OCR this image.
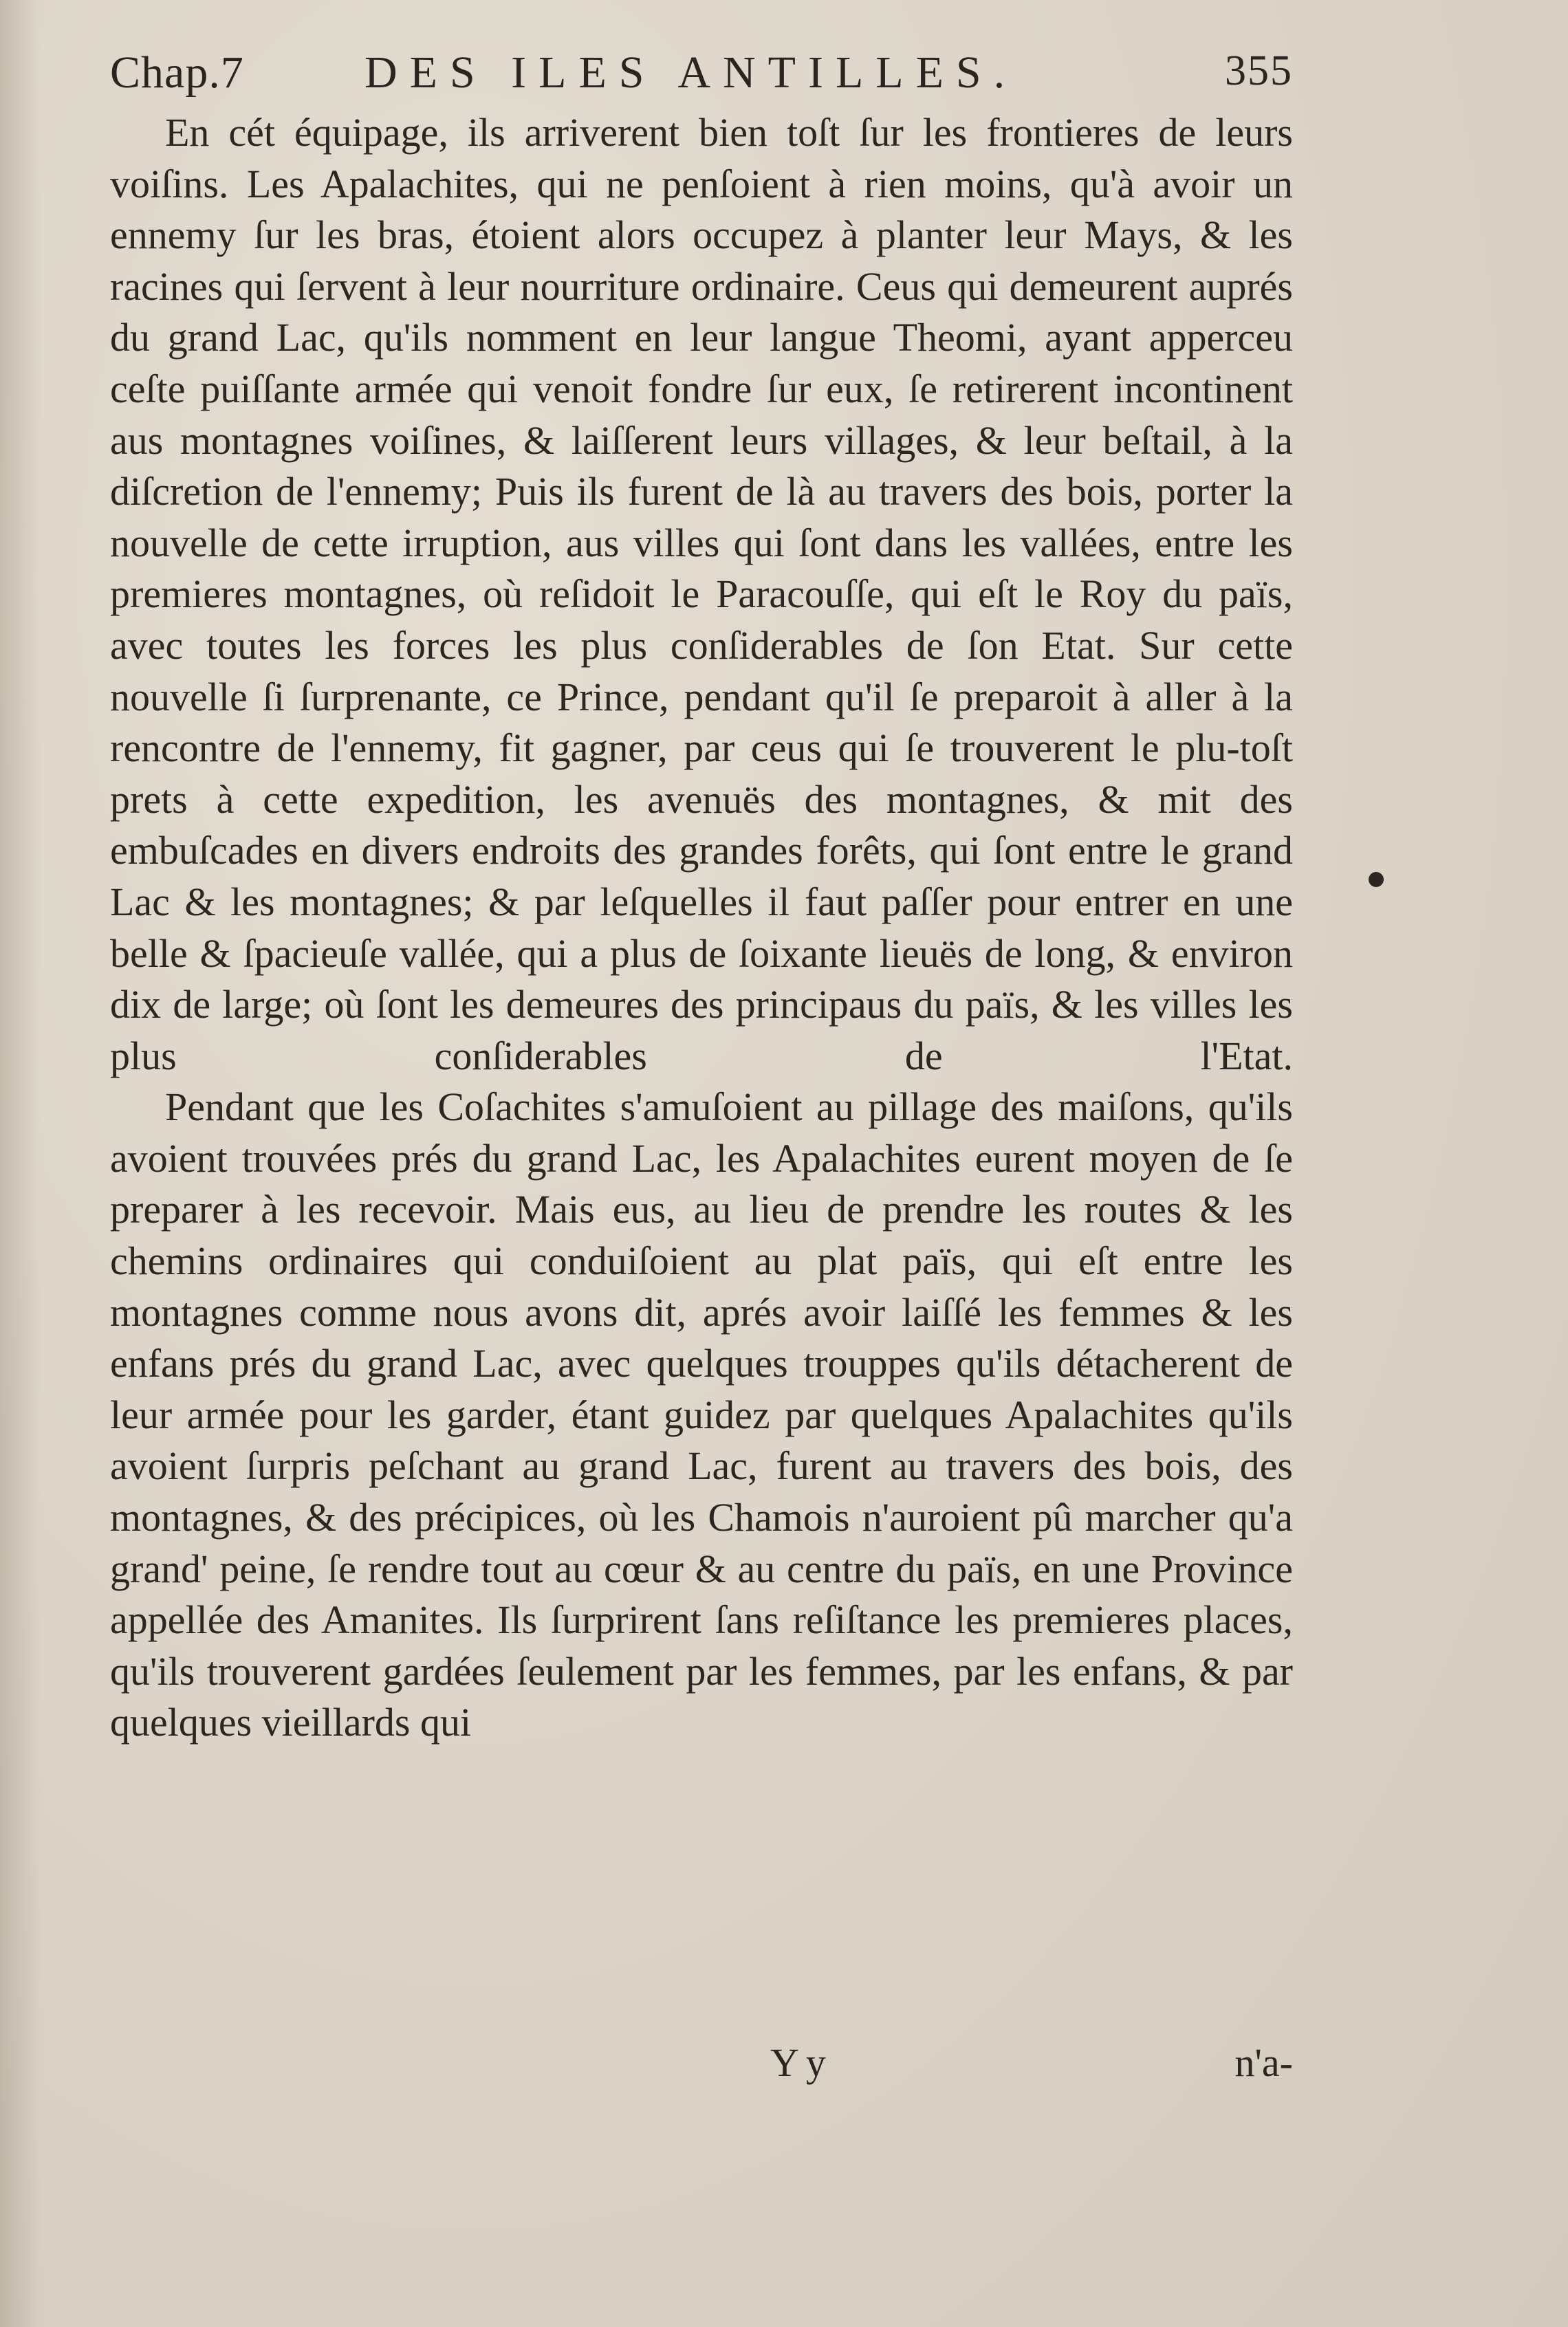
Chap.7	DES ILES ANTILLES.	355

En cét équipage, ils arriverent bien toſt ſur les frontieres de leurs voiſins. Les Apalachites, qui ne penſoient à rien moins, qu'à avoir un ennemy ſur les bras, étoient alors occupez à planter leur Mays, & les racines qui ſervent à leur nourriture ordinaire. Ceus qui demeurent auprés du grand Lac, qu'ils nomment en leur langue Theomi, ayant apperceu ceſte puiſſante armée qui venoit fondre ſur eux, ſe retirerent incontinent aus montagnes voiſines, & laiſſerent leurs villages, & leur beſtail, à la diſcretion de l'ennemy; Puis ils furent de là au travers des bois, porter la nouvelle de cette irruption, aus villes qui ſont dans les vallées, entre les premieres montagnes, où reſidoit le Paracouſſe, qui eſt le Roy du païs, avec toutes les forces les plus conſiderables de ſon Etat. Sur cette nouvelle ſi ſurprenante, ce Prince, pendant qu'il ſe preparoit à aller à la rencontre de l'ennemy, fit gagner, par ceus qui ſe trouverent le plu-toſt prets à cette expedition, les avenuës des montagnes, & mit des embuſcades en divers endroits des grandes forêts, qui ſont entre le grand Lac & les montagnes; & par leſquelles il faut paſſer pour entrer en une belle & ſpacieuſe vallée, qui a plus de ſoixante lieuës de long, & environ dix de large; où ſont les demeures des principaus du païs, & les villes les plus conſiderables de l'Etat.

Pendant que les Coſachites s'amuſoient au pillage des maiſons, qu'ils avoient trouvées prés du grand Lac, les Apalachites eurent moyen de ſe preparer à les recevoir. Mais eus, au lieu de prendre les routes & les chemins ordinaires qui conduiſoient au plat païs, qui eſt entre les montagnes comme nous avons dit, aprés avoir laiſſé les femmes & les enfans prés du grand Lac, avec quelques trouppes qu'ils détacherent de leur armée pour les garder, étant guidez par quelques Apalachites qu'ils avoient ſurpris peſchant au grand Lac, furent au travers des bois, des montagnes, & des précipices, où les Chamois n'auroient pû marcher qu'a grand' peine, ſe rendre tout au cœur & au centre du païs, en une Province appellée des Amanites. Ils ſurprirent ſans reſiſtance les premieres places, qu'ils trouverent gardées ſeulement par les femmes, par les enfans, & par quelques vieillards qui

Yy	n'a-
